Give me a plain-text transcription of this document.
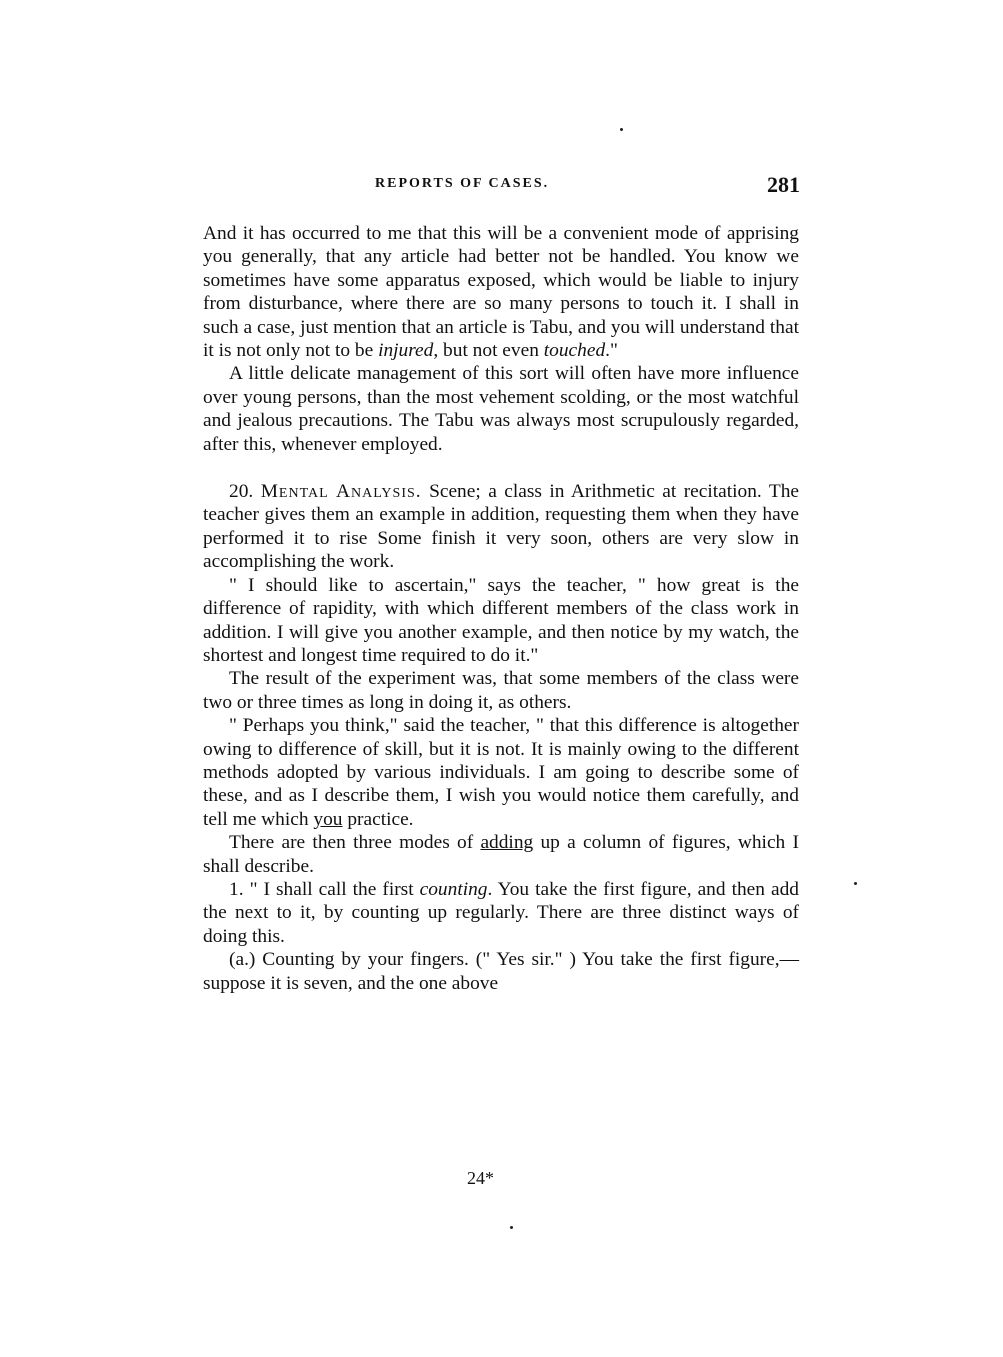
REPORTS OF CASES.	281

And it has occurred to me that this will be a convenient mode of apprising you generally, that any article had better not be handled. You know we sometimes have some apparatus exposed, which would be liable to injury from disturbance, where there are so many persons to touch it. I shall in such a case, just mention that an article is Tabu, and you will understand that it is not only not to be injured, but not even touched."

A little delicate management of this sort will often have more influence over young persons, than the most vehement scolding, or the most watchful and jealous precautions. The Tabu was always most scrupulously regarded, after this, whenever employed.

20. Mental Analysis. Scene; a class in Arithmetic at recitation. The teacher gives them an example in addition, requesting them when they have performed it to rise Some finish it very soon, others are very slow in accomplishing the work.

" I should like to ascertain," says the teacher, " how great is the difference of rapidity, with which different members of the class work in addition. I will give you another example, and then notice by my watch, the shortest and longest time required to do it."

The result of the experiment was, that some members of the class were two or three times as long in doing it, as others.

" Perhaps you think," said the teacher, " that this difference is altogether owing to difference of skill, but it is not. It is mainly owing to the different methods adopted by various individuals. I am going to describe some of these, and as I describe them, I wish you would notice them carefully, and tell me which you practice.

There are then three modes of adding up a column of figures, which I shall describe.

1. " I shall call the first counting. You take the first figure, and then add the next to it, by counting up regularly. There are three distinct ways of doing this.

(a.) Counting by your fingers. (" Yes sir." ) You take the first figure,—suppose it is seven, and the one above

24*
